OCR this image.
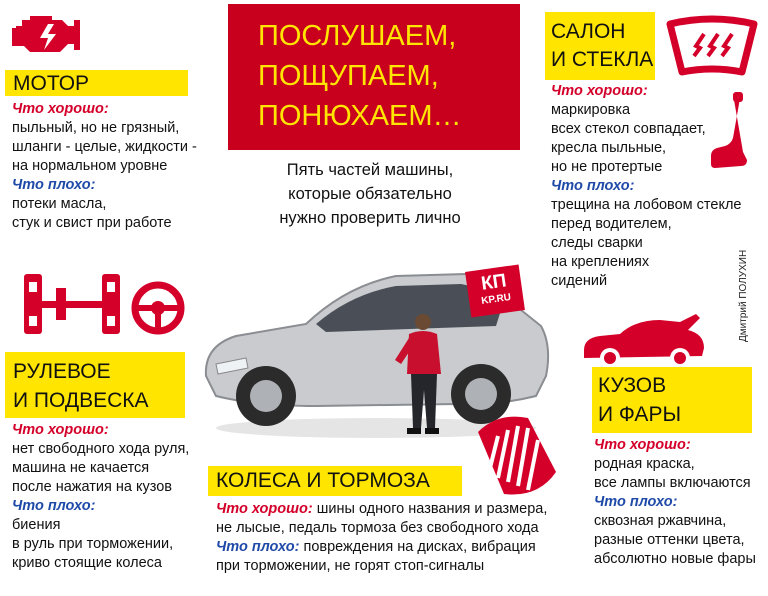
МОТОР
Что хорошо:
пыльный, но не грязный,
шланги - целые, жидкости -
на нормальном уровне
Что плохо:
потеки масла,
стук и свист при работе
ПОСЛУШАЕМ,
ПОЩУПАЕМ,
ПОНЮХАЕМ…
Пять частей машины,
которые обязательно
нужно проверить лично
САЛОН
И СТЕКЛА
Что хорошо:
маркировка
всех стекол совпадает,
кресла пыльные,
но не протертые
Что плохо:
трещина на лобовом стекле
перед водителем,
следы сварки
на креплениях
сидений	Дмитрий ПОЛУХИН
РУЛЕВОЕ
И ПОДВЕСКА
Что хорошо:
нет свободного хода руля,
машина не качается
после нажатия на кузов
Что плохо:
биения
в руль при торможении,
криво стоящие колеса
КП
KP.RU
КОЛЕСА И ТОРМОЗА
Что хорошо: шины одного названия и размера,
не лысые, педаль тормоза без свободного хода
Что плохо: повреждения на дисках, вибрация
при торможении, не горят стоп-сигналы
КУЗОВ
И ФАРЫ
Что хорошо:
родная краска,
все лампы включаются
Что плохо:
сквозная ржавчина,
разные оттенки цвета,
абсолютно новые фары
